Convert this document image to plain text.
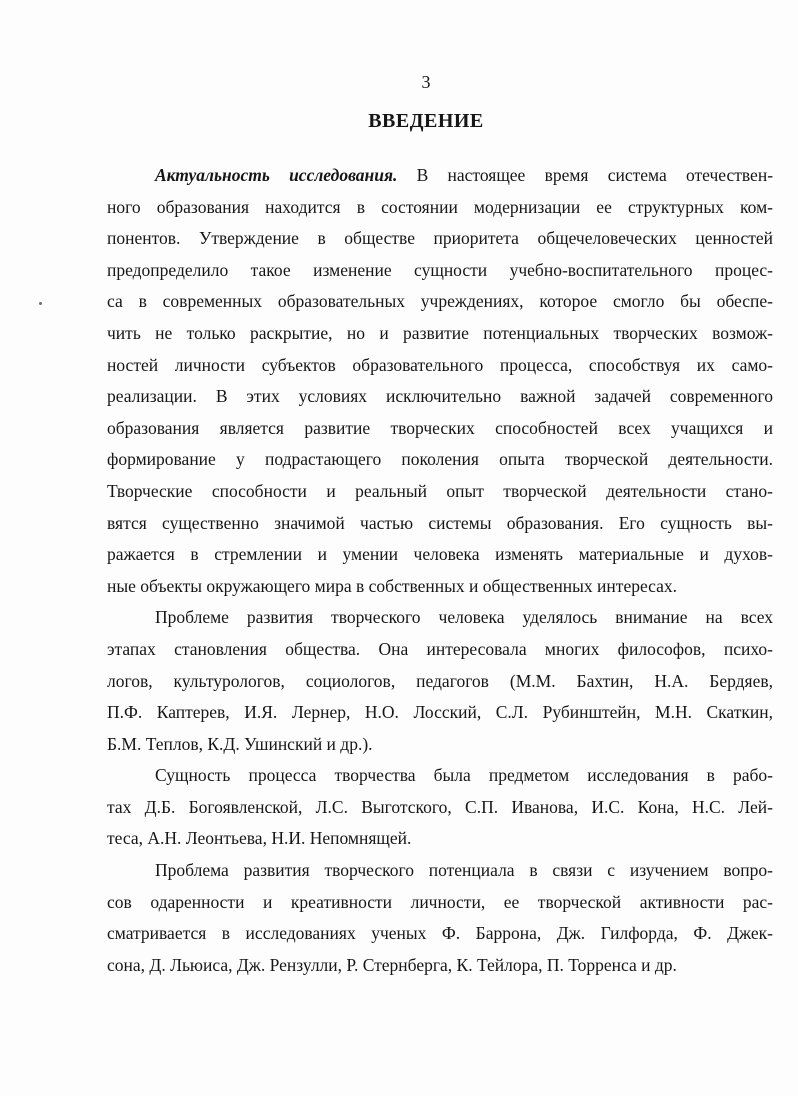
3
ВВЕДЕНИЕ
Актуальность исследования. В настоящее время система отечествен-
ного образования находится в состоянии модернизации ее структурных ком-
понентов. Утверждение в обществе приоритета общечеловеческих ценностей
предопределило такое изменение сущности учебно-воспитательного процес-
са в современных образовательных учреждениях, которое смогло бы обеспе-
чить не только раскрытие, но и развитие потенциальных творческих возмож-
ностей личности субъектов образовательного процесса, способствуя их само-
реализации. В этих условиях исключительно важной задачей современного
образования является развитие творческих способностей всех учащихся и
формирование у подрастающего поколения опыта творческой деятельности.
Творческие способности и реальный опыт творческой деятельности стано-
вятся существенно значимой частью системы образования. Его сущность вы-
ражается в стремлении и умении человека изменять материальные и духов-
ные объекты окружающего мира в собственных и общественных интересах.
Проблеме развития творческого человека уделялось внимание на всех
этапах становления общества. Она интересовала многих философов, психо-
логов, культурологов, социологов, педагогов (М.М. Бахтин, Н.А. Бердяев,
П.Ф. Каптерев, И.Я. Лернер, Н.О. Лосский, С.Л. Рубинштейн, М.Н. Скаткин,
Б.М. Теплов, К.Д. Ушинский и др.).
Сущность процесса творчества была предметом исследования в рабо-
тах Д.Б. Богоявленской, Л.С. Выготского, С.П. Иванова, И.С. Кона, Н.С. Лей-
теса, А.Н. Леонтьева, Н.И. Непомнящей.
Проблема развития творческого потенциала в связи с изучением вопро-
сов одаренности и креативности личности, ее творческой активности рас-
сматривается в исследованиях ученых Ф. Баррона, Дж. Гилфорда, Ф. Джек-
сона, Д. Льюиса, Дж. Рензулли, Р. Стернберга, К. Тейлора, П. Торренса и др.
